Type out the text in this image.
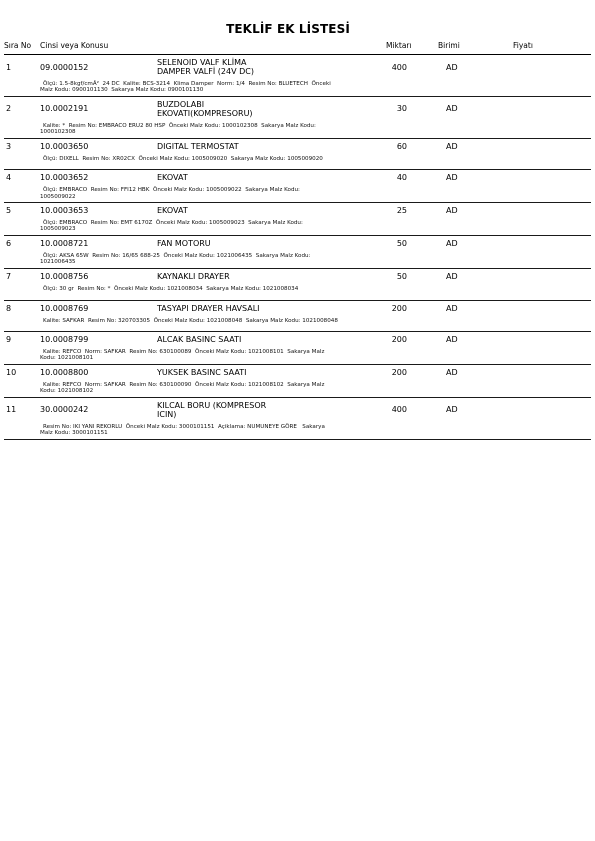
TEKLİF EK LİSTESİ
Sıra No Cinsi veya Konusu	Miktarı	Birimi	Fiyatı
SELENOID VALF KLİMA
DAMPER VALFİ (24V DC)
1	09.0000152	400	AD
Ölçü: 1.5-8kgf/cmÂ²  24 DC  Kalite: BCS-3214  Klima Damper  Norm: 1/4  Resim No: BLUETECH  Önceki
Malz Kodu: 0900101130  Sakarya Malz Kodu: 0900101130
BUZDOLABI
EKOVATI(KOMPRESORU)
2	10.0002191	30	AD
Kalite: *  Resim No: EMBRACO ERU2 80 HSP  Önceki Malz Kodu: 1000102308  Sakarya Malz Kodu:
1000102308
DIGITAL TERMOSTAT
3	10.0003650	60	AD
Ölçü: DIXELL  Resim No: XR02CX  Önceki Malz Kodu: 1005009020  Sakarya Malz Kodu: 1005009020
EKOVAT
4	10.0003652	40	AD
Ölçü: EMBRACO  Resim No: FFI12 HBK  Önceki Malz Kodu: 1005009022  Sakarya Malz Kodu:
1005009022
EKOVAT
5	10.0003653	25	AD
Ölçü: EMBRACO  Resim No: EMT 6170Z  Önceki Malz Kodu: 1005009023  Sakarya Malz Kodu:
1005009023
FAN MOTORU
6	10.0008721	50	AD
Ölçü: AKSA 65W  Resim No: 16/65 688-25  Önceki Malz Kodu: 1021006435  Sakarya Malz Kodu:
1021006435
KAYNAKLI DRAYER
7	10.0008756	50	AD
Ölçü: 30 gr  Resim No: *  Önceki Malz Kodu: 1021008034  Sakarya Malz Kodu: 1021008034
TASYAPI DRAYER HAVSALI
8	10.0008769	200	AD
Kalite: SAFKAR  Resim No: 320703305  Önceki Malz Kodu: 1021008048  Sakarya Malz Kodu: 1021008048
ALCAK BASINC SAATI
9	10.0008799	200	AD
Kalite: REFCO  Norm: SAFKAR  Resim No: 630100089  Önceki Malz Kodu: 1021008101  Sakarya Malz
Kodu: 1021008101
YUKSEK BASINC SAATI
10	10.0008800	200	AD
Kalite: REFCO  Norm: SAFKAR  Resim No: 630100090  Önceki Malz Kodu: 1021008102  Sakarya Malz
Kodu: 1021008102
KILCAL BORU (KOMPRESOR
ICIN)
11	30.0000242	400	AD
Resim No: IKI YANI REKORLU  Önceki Malz Kodu: 3000101151  Açiklama: NUMUNEYE GÖRE   Sakarya
Malz Kodu: 3000101151
